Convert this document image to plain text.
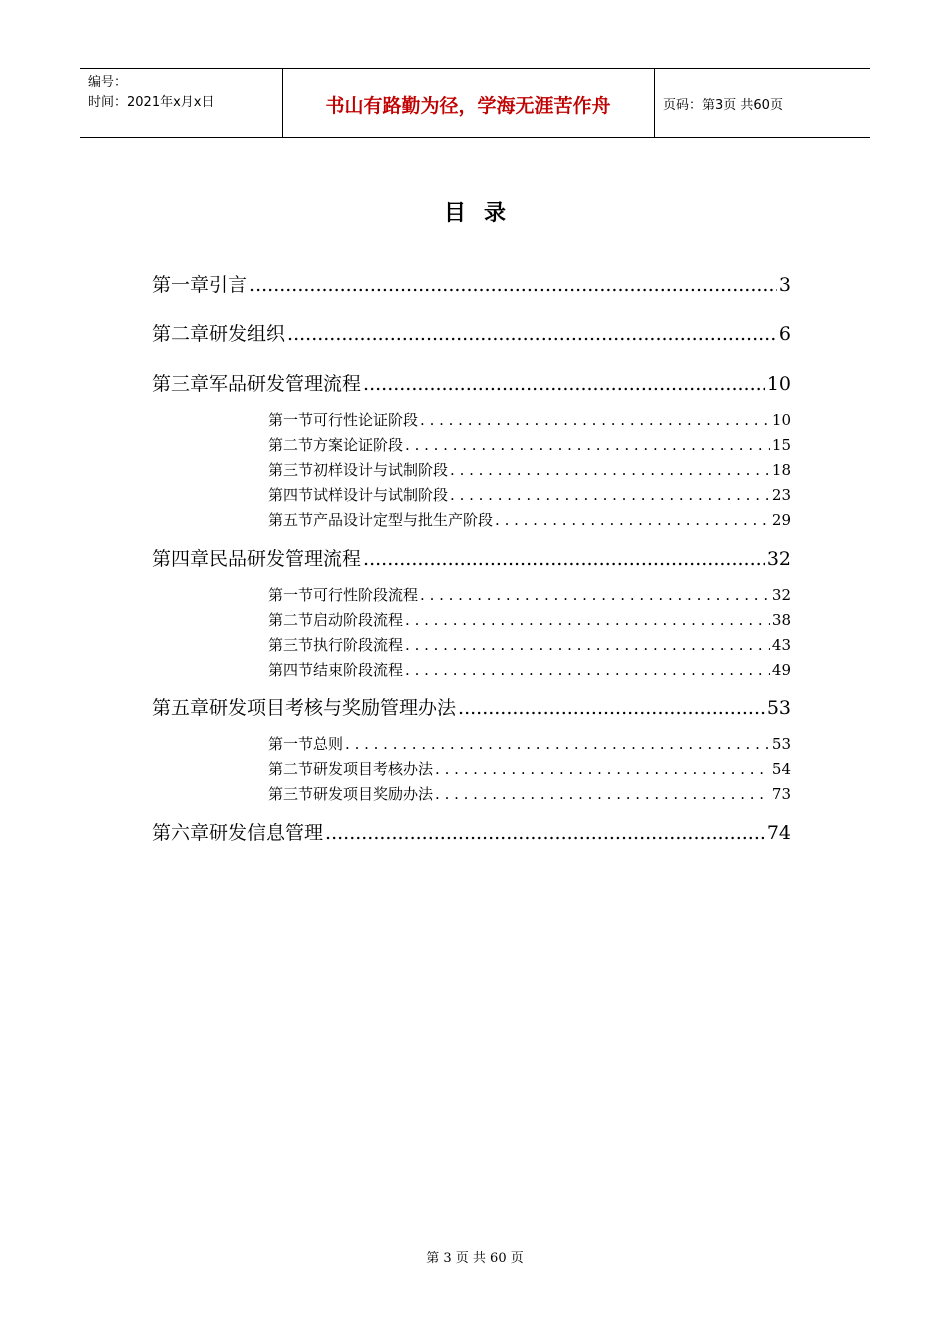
编号：
时间：2021年x月x日	书山有路勤为径，学海无涯苦作舟	页码：第3页 共60页
目录
第一章 引言 .....	3
第二章 研发组织 .....	6
第三章 军品研发管理流程 .....	10
第一节 可行性论证阶段 . . .	10
第二节 方案论证阶段 . . .	15
第三节 初样设计与试制阶段 . . .	18
第四节 试样设计与试制阶段 . . .	23
第五节 产品设计定型与批生产阶段 . . .	29
第四章 民品研发管理流程 .....	32
第一节 可行性阶段流程 . . .	32
第二节 启动阶段流程 . . .	38
第三节 执行阶段流程 . . .	43
第四节 结束阶段流程 . . .	49
第五章 研发项目考核与奖励管理办法 .....	53
第一节 总则 . . .	53
第二节 研发项目考核办法 . . .	54
第三节 研发项目奖励办法 . . .	73
第六章 研发信息管理 .....	74
第 3 页 共 60 页
